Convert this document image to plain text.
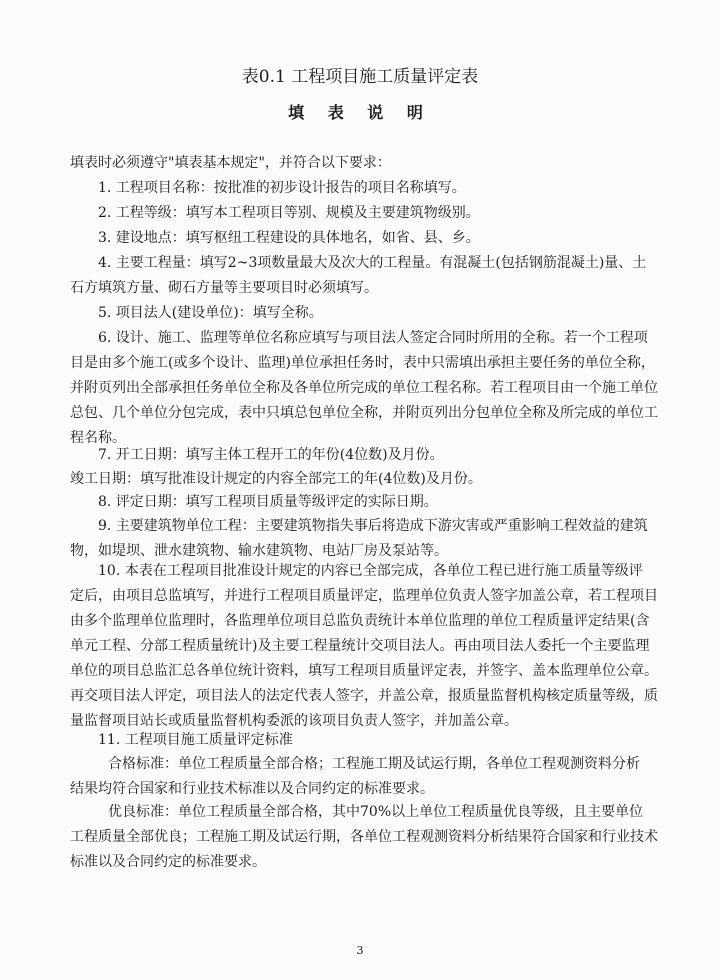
表0.1 工程项目施工质量评定表
填 表 说 明
填表时必须遵守"填表基本规定"，并符合以下要求：
1. 工程项目名称：按批准的初步设计报告的项目名称填写。
2. 工程等级：填写本工程项目等别、规模及主要建筑物级别。
3. 建设地点：填写枢纽工程建设的具体地名，如省、县、乡。
4. 主要工程量：填写2~3项数量最大及次大的工程量。有混凝土(包括钢筋混凝土)量、土
石方填筑方量、砌石方量等主要项目时必须填写。
5. 项目法人(建设单位)：填写全称。
6. 设计、施工、监理等单位名称应填写与项目法人签定合同时所用的全称。若一个工程项
目是由多个施工(或多个设计、监理)单位承担任务时，表中只需填出承担主要任务的单位全称，
并附页列出全部承担任务单位全称及各单位所完成的单位工程名称。若工程项目由一个施工单位
总包、几个单位分包完成，表中只填总包单位全称，并附页列出分包单位全称及所完成的单位工
程名称。
7. 开工日期：填写主体工程开工的年份(4位数)及月份。
竣工日期：填写批准设计规定的内容全部完工的年(4位数)及月份。
8. 评定日期：填写工程项目质量等级评定的实际日期。
9. 主要建筑物单位工程：主要建筑物指失事后将造成下游灾害或严重影响工程效益的建筑
物，如堤坝、泄水建筑物、输水建筑物、电站厂房及泵站等。
10. 本表在工程项目批准设计规定的内容已全部完成，各单位工程已进行施工质量等级评
定后，由项目总监填写，并进行工程项目质量评定，监理单位负责人签字加盖公章，若工程项目
由多个监理单位监理时，各监理单位项目总监负责统计本单位监理的单位工程质量评定结果(含
单元工程、分部工程质量统计)及主要工程量统计交项目法人。再由项目法人委托一个主要监理
单位的项目总监汇总各单位统计资料，填写工程项目质量评定表，并签字、盖本监理单位公章。
再交项目法人评定，项目法人的法定代表人签字，并盖公章，报质量监督机构核定质量等级，质
量监督项目站长或质量监督机构委派的该项目负责人签字，并加盖公章。
11. 工程项目施工质量评定标准
合格标准：单位工程质量全部合格；工程施工期及试运行期，各单位工程观测资料分析
结果均符合国家和行业技术标准以及合同约定的标准要求。
优良标准：单位工程质量全部合格，其中70%以上单位工程质量优良等级，且主要单位
工程质量全部优良；工程施工期及试运行期，各单位工程观测资料分析结果符合国家和行业技术
标准以及合同约定的标准要求。
3
